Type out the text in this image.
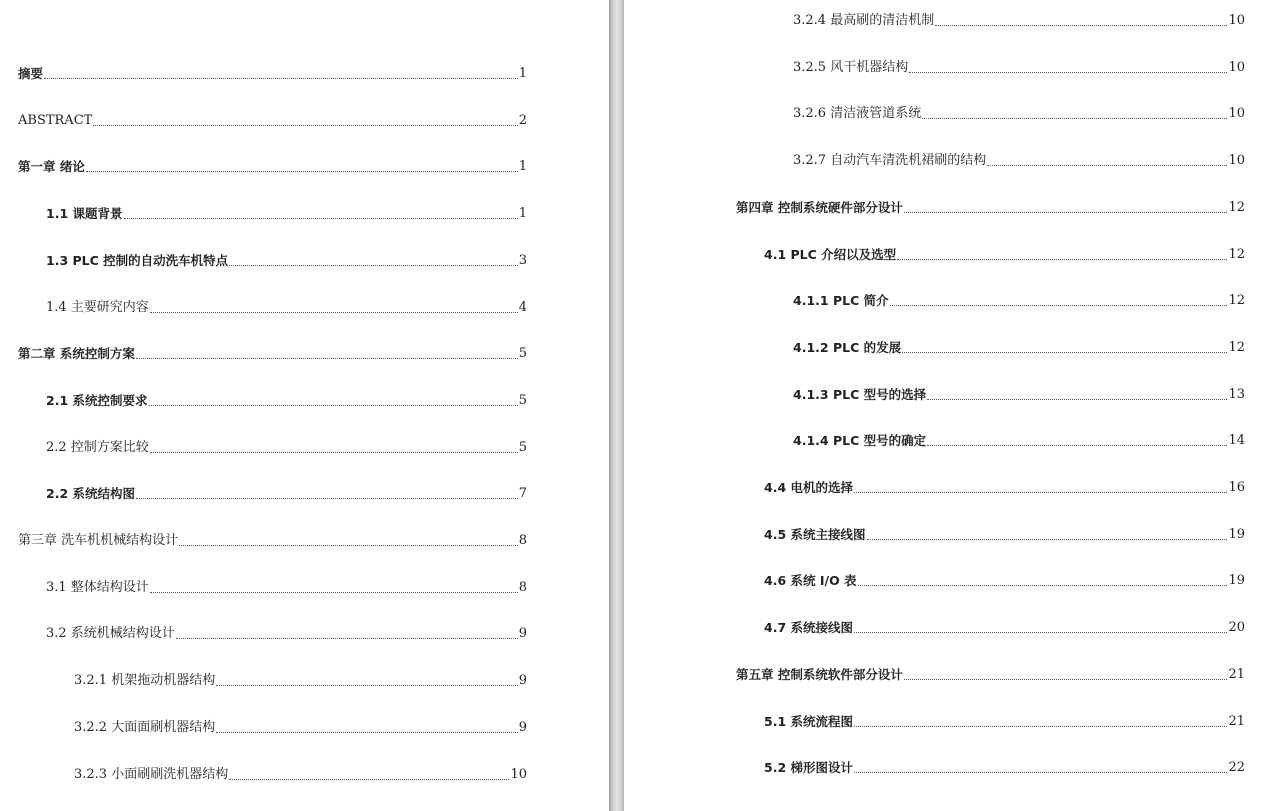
摘要	1
ABSTRACT	2
第一章 绪论	1
1.1 课题背景	1
1.3 PLC 控制的自动洗车机特点	3
1.4 主要研究内容	4
第二章 系统控制方案	5
2.1 系统控制要求	5
2.2 控制方案比较	5
2.2 系统结构图	7
第三章 洗车机机械结构设计	8
3.1 整体结构设计	8
3.2 系统机械结构设计	9
3.2.1 机架拖动机器结构	9
3.2.2 大面面刷机器结构	9
3.2.3 小面刷刷洗机器结构	10
3.2.4 最高刷的清洁机制	10
3.2.5 风干机器结构	10
3.2.6 清洁液管道系统	10
3.2.7 自动汽车清洗机裙刷的结构	10
第四章 控制系统硬件部分设计	12
4.1 PLC 介绍以及选型	12
4.1.1 PLC 简介	12
4.1.2 PLC 的发展	12
4.1.3 PLC 型号的选择	13
4.1.4 PLC 型号的确定	14
4.4 电机的选择	16
4.5 系统主接线图	19
4.6 系统 I/O 表	19
4.7 系统接线图	20
第五章 控制系统软件部分设计	21
5.1 系统流程图	21
5.2 梯形图设计	22
